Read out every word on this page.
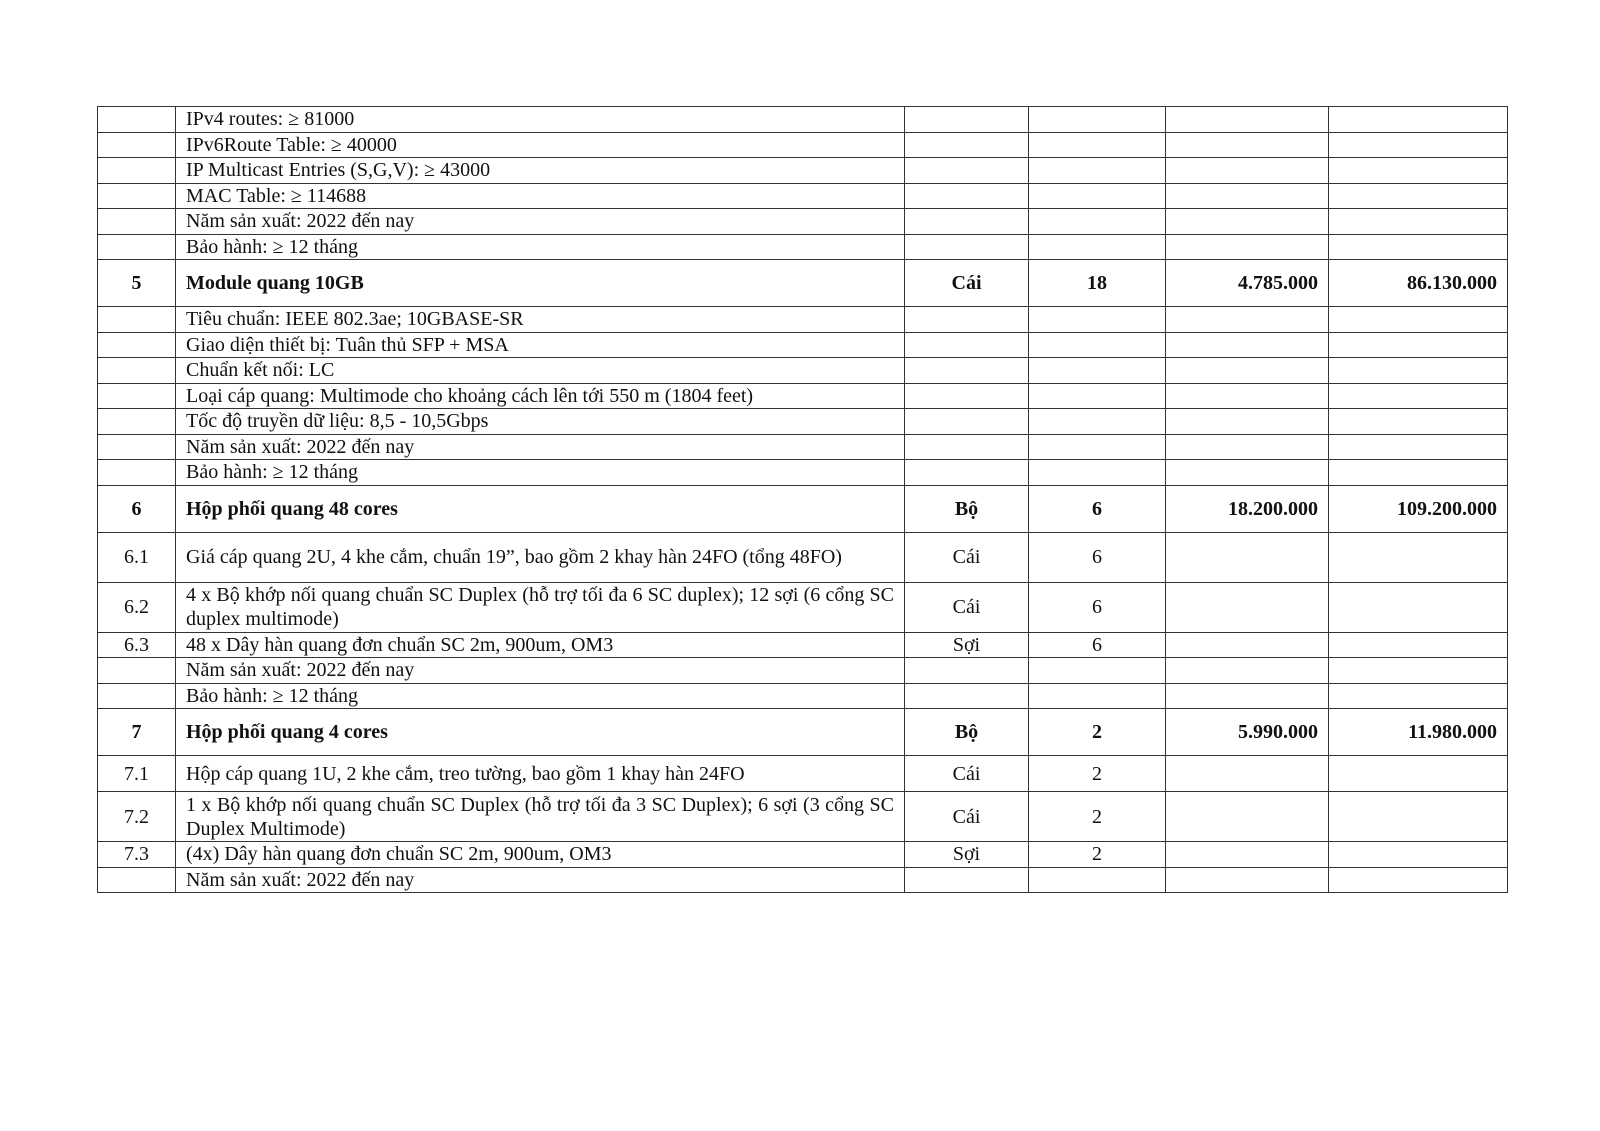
	IPv4 routes: ≥ 81000				
	IPv6Route Table: ≥ 40000				
	IP Multicast Entries (S,G,V): ≥ 43000				
	MAC Table: ≥ 114688				
	Năm sản xuất: 2022 đến nay				
	Bảo hành: ≥ 12 tháng				
5	Module quang 10GB	Cái	18	4.785.000	86.130.000
	Tiêu chuẩn: IEEE 802.3ae; 10GBASE-SR				
	Giao diện thiết bị: Tuân thủ SFP + MSA				
	Chuẩn kết nối: LC				
	Loại cáp quang: Multimode cho khoảng cách lên tới 550 m (1804 feet)				
	Tốc độ truyền dữ liệu: 8,5 - 10,5Gbps				
	Năm sản xuất: 2022 đến nay				
	Bảo hành: ≥ 12 tháng				
6	Hộp phối quang 48 cores	Bộ	6	18.200.000	109.200.000
6.1	Giá cáp quang 2U, 4 khe cắm, chuẩn 19”, bao gồm 2 khay hàn 24FO (tổng 48FO)	Cái	6		
6.2	4 x Bộ khớp nối quang chuẩn SC Duplex (hỗ trợ tối đa 6 SC duplex); 12 sợi (6 cổng SC duplex multimode)	Cái	6		
6.3	48 x Dây hàn quang đơn chuẩn SC 2m, 900um, OM3	Sợi	6		
	Năm sản xuất: 2022 đến nay				
	Bảo hành: ≥ 12 tháng				
7	Hộp phối quang 4 cores	Bộ	2	5.990.000	11.980.000
7.1	Hộp cáp quang 1U, 2 khe cắm, treo tường, bao gồm 1 khay hàn 24FO	Cái	2		
7.2	1 x Bộ khớp nối quang chuẩn SC Duplex (hỗ trợ tối đa 3 SC Duplex); 6 sợi (3 cổng SC Duplex Multimode)	Cái	2		
7.3	(4x) Dây hàn quang đơn chuẩn SC 2m, 900um, OM3	Sợi	2		
	Năm sản xuất: 2022 đến nay				
